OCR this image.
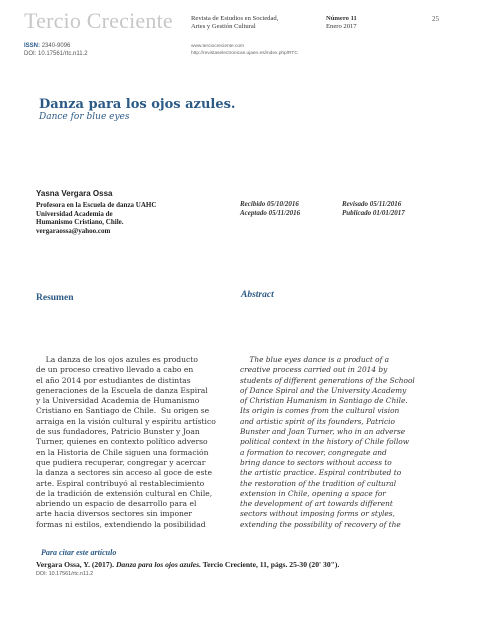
Tercio Creciente
ISSN: 2340-9096
DOI: 10.17561/rtc.n11.2
Revista de Estudios en Sociedad,
Artes y Gestión Cultural
www.terciocreciente.com
http://revistaselectronicas.ujaen.es/index.php/RTC
Número 11
Enero 2017
25
Danza para los ojos azules.
Dance for blue eyes
Yasna Vergara Ossa
Profesora en la Escuela de danza UAHC
Universidad Academia de
Humanismo Cristiano, Chile.
vergaraossa@yahoo.com
Recibido 05/10/2016
Aceptado 05/11/2016
Revisado 05/11/2016
Publicado 01/01/2017
Resumen	Abstract
La danza de los ojos azules es producto
de un proceso creativo llevado a cabo en
el año 2014 por estudiantes de distintas
generaciones de la Escuela de danza Espiral
y la Universidad Academia de Humanismo
Cristiano en Santiago de Chile.  Su origen se
arraiga en la visión cultural y espíritu artístico
de sus fundadores, Patricio Bunster y Joan
Turner, quienes en contexto político adverso
en la Historia de Chile siguen una formación
que pudiera recuperar, congregar y acercar
la danza a sectores sin acceso al goce de este
arte. Espiral contribuyó al restablecimiento
de la tradición de extensión cultural en Chile,
abriendo un espacio de desarrollo para el
arte hacia diversos sectores sin imponer
formas ni estilos, extendiendo la posibilidad
The blue eyes dance is a product of a
creative process carried out in 2014 by
students of different generations of the School
of Dance Spiral and the University Academy
of Christian Humanism in Santiago de Chile.
Its origin is comes from the cultural vision
and artistic spirit of its founders, Patricio
Bunster and Joan Turner, who in an adverse
political context in the history of Chile follow
a formation to recover, congregate and
bring dance to sectors without access to
the artistic practice. Espiral contributed to
the restoration of the tradition of cultural
extension in Chile, opening a space for
the development of art towards different
sectors without imposing forms or styles,
extending the possibility of recovery of the
Para citar este artículo
Vergara Ossa, Y. (2017). Danza para los ojos azules. Tercio Creciente, 11, págs. 25-30 (20' 30").
DOI: 10.17561/rtc.n11.2
